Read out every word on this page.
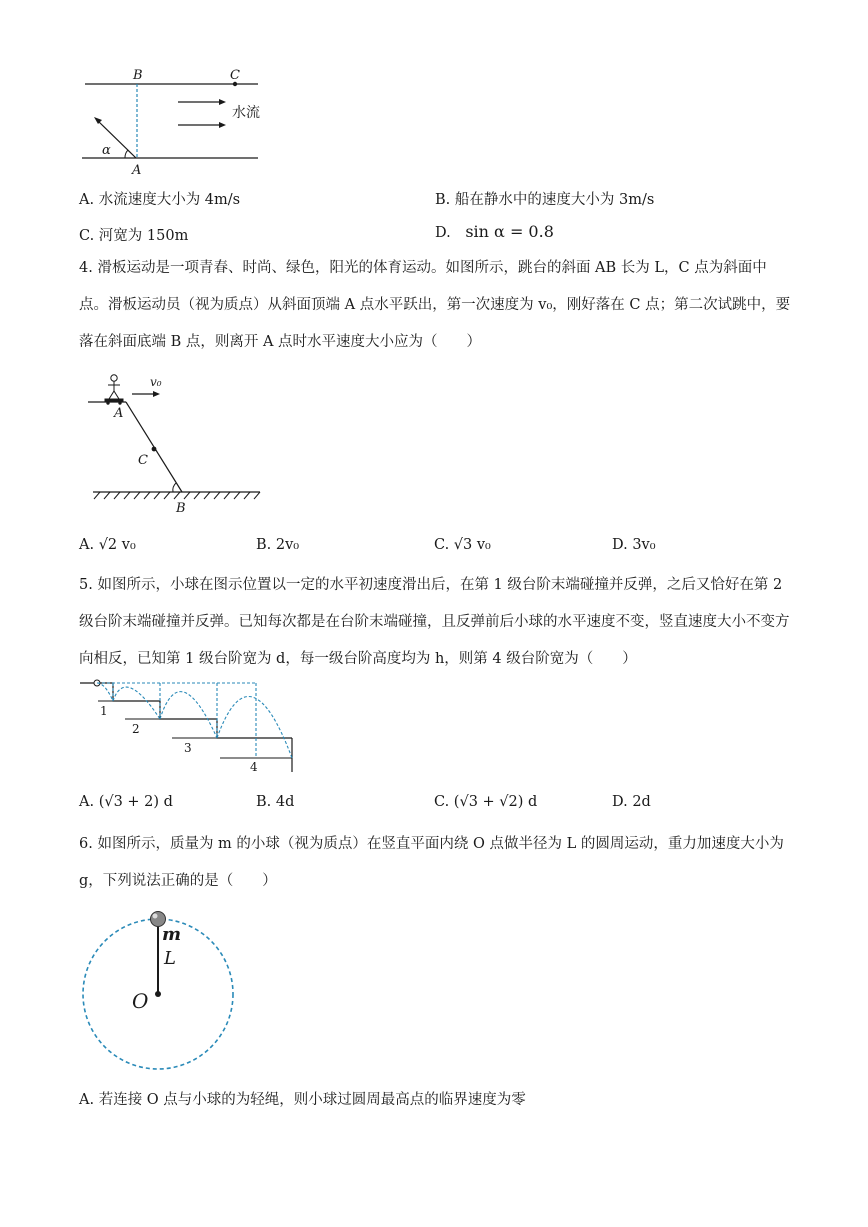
B	C
A
α
水流
A. 水流速度大小为 4m/s	B. 船在静水中的速度大小为 3m/s
C. 河宽为 150m	D. sin α = 0.8
4. 滑板运动是一项青春、时尚、绿色，阳光的体育运动。如图所示，跳台的斜面 AB 长为 L，C 点为斜面中点。滑板运动员（视为质点）从斜面顶端 A 点水平跃出，第一次速度为 v₀，刚好落在 C 点；第二次试跳中，要落在斜面底端 B 点，则离开 A 点时水平速度大小应为（　　）
v₀
A
C
B
A. √2 v₀	B. 2v₀	C. √3 v₀	D. 3v₀
5. 如图所示，小球在图示位置以一定的水平初速度滑出后，在第 1 级台阶末端碰撞并反弹，之后又恰好在第 2 级台阶末端碰撞并反弹。已知每次都是在台阶末端碰撞，且反弹前后小球的水平速度不变，竖直速度大小不变方向相反，已知第 1 级台阶宽为 d，每一级台阶高度均为 h，则第 4 级台阶宽为（　　）
1
2
3
4
A. (√3 + 2) d	B. 4d	C. (√3 + √2) d	D. 2d
6. 如图所示，质量为 m 的小球（视为质点）在竖直平面内绕 O 点做半径为 L 的圆周运动，重力加速度大小为 g，下列说法正确的是（　　）
m
L
O
A. 若连接 O 点与小球的为轻绳，则小球过圆周最高点的临界速度为零
